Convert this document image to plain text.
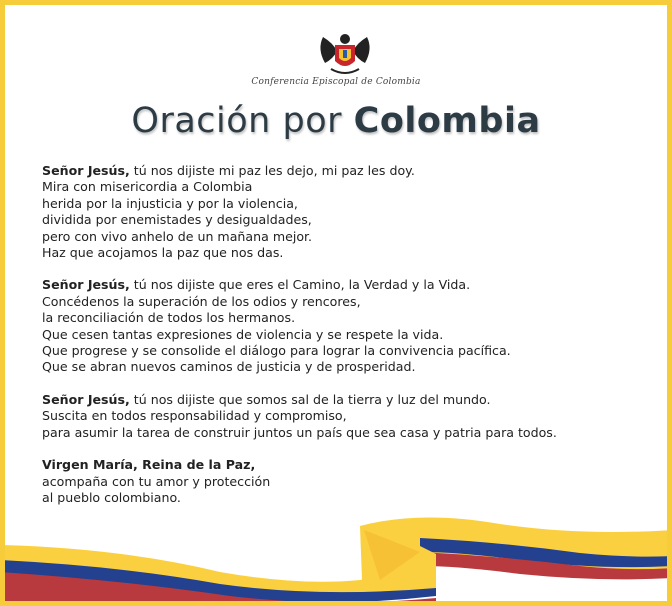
Conferencia Episcopal de Colombia
Oración por Colombia
Señor Jesús, tú nos dijiste mi paz les dejo, mi paz les doy.
Mira con misericordia a Colombia
herida por la injusticia y por la violencia,
dividida por enemistades y desigualdades,
pero con vivo anhelo de un mañana mejor.
Haz que acojamos la paz que nos das.
Señor Jesús, tú nos dijiste que eres el Camino, la Verdad y la Vida.
Concédenos la superación de los odios y rencores,
la reconciliación de todos los hermanos.
Que cesen tantas expresiones de violencia y se respete la vida.
Que progrese y se consolide el diálogo para lograr la convivencia pacífica.
Que se abran nuevos caminos de justicia y de prosperidad.
Señor Jesús, tú nos dijiste que somos sal de la tierra y luz del mundo.
Suscita en todos responsabilidad y compromiso,
para asumir la tarea de construir juntos un país que sea casa y patria para todos.
Virgen María, Reina de la Paz,
acompaña con tu amor y protección
al pueblo colombiano.
